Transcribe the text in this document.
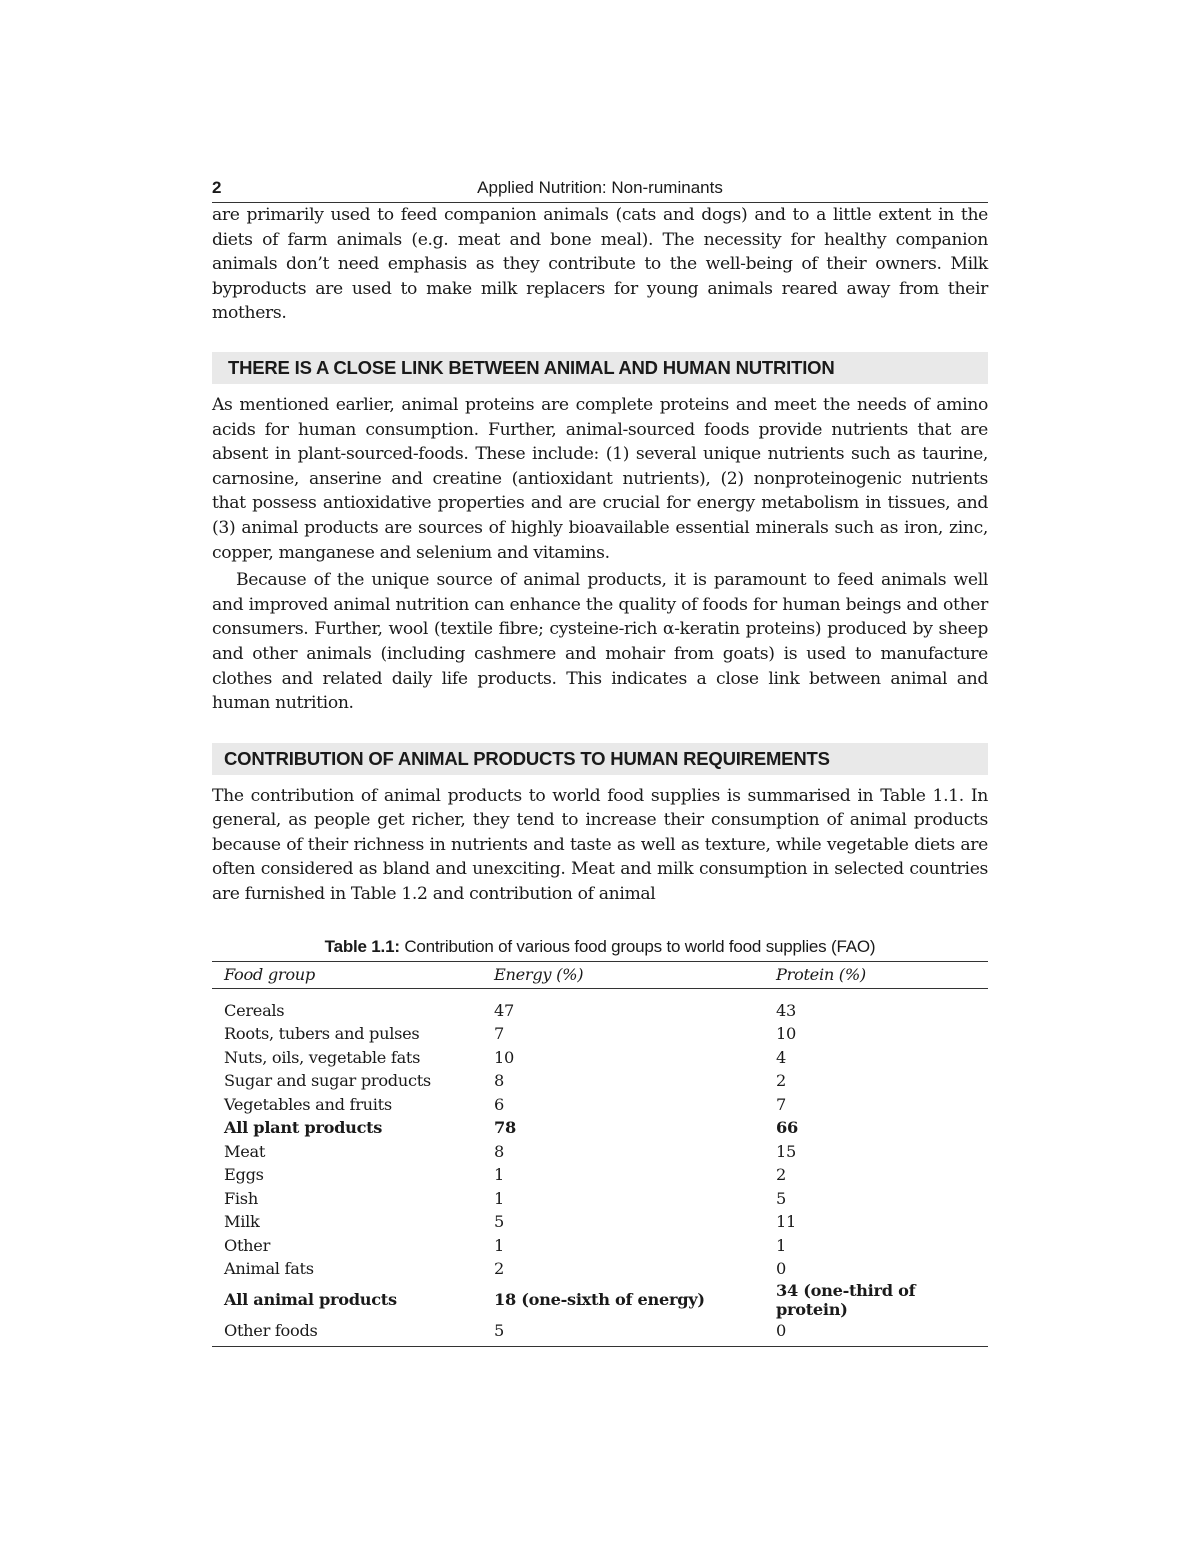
2	Applied Nutrition: Non-ruminants

are primarily used to feed companion animals (cats and dogs) and to a little extent in the diets of farm animals (e.g. meat and bone meal). The necessity for healthy companion animals don’t need emphasis as they contribute to the well-being of their owners. Milk byproducts are used to make milk replacers for young animals reared away from their mothers.

THERE IS A CLOSE LINK BETWEEN ANIMAL AND HUMAN NUTRITION

As mentioned earlier, animal proteins are complete proteins and meet the needs of amino acids for human consumption. Further, animal-sourced foods provide nutrients that are absent in plant-sourced-foods. These include: (1) several unique nutrients such as taurine, carnosine, anserine and creatine (antioxidant nutrients), (2) nonproteinogenic nutrients that possess antioxidative properties and are crucial for energy metabolism in tissues, and (3) animal products are sources of highly bioavailable essential minerals such as iron, zinc, copper, manganese and selenium and vitamins.

Because of the unique source of animal products, it is paramount to feed animals well and improved animal nutrition can enhance the quality of foods for human beings and other consumers. Further, wool (textile fibre; cysteine-rich α-keratin proteins) produced by sheep and other animals (including cashmere and mohair from goats) is used to manufacture clothes and related daily life products. This indicates a close link between animal and human nutrition.

CONTRIBUTION OF ANIMAL PRODUCTS TO HUMAN REQUIREMENTS

The contribution of animal products to world food supplies is summarised in Table 1.1. In general, as people get richer, they tend to increase their consumption of animal products because of their richness in nutrients and taste as well as texture, while vegetable diets are often considered as bland and unexciting. Meat and milk consumption in selected countries are furnished in Table 1.2 and contribution of animal

Table 1.1: Contribution of various food groups to world food supplies (FAO)
Food group	Energy (%)	Protein (%)
Cereals	47	43
Roots, tubers and pulses	7	10
Nuts, oils, vegetable fats	10	4
Sugar and sugar products	8	2
Vegetables and fruits	6	7
All plant products	78	66
Meat	8	15
Eggs	1	2
Fish	1	5
Milk	5	11
Other	1	1
Animal fats	2	0
All animal products	18 (one-sixth of energy)	34 (one-third of protein)
Other foods	5	0
